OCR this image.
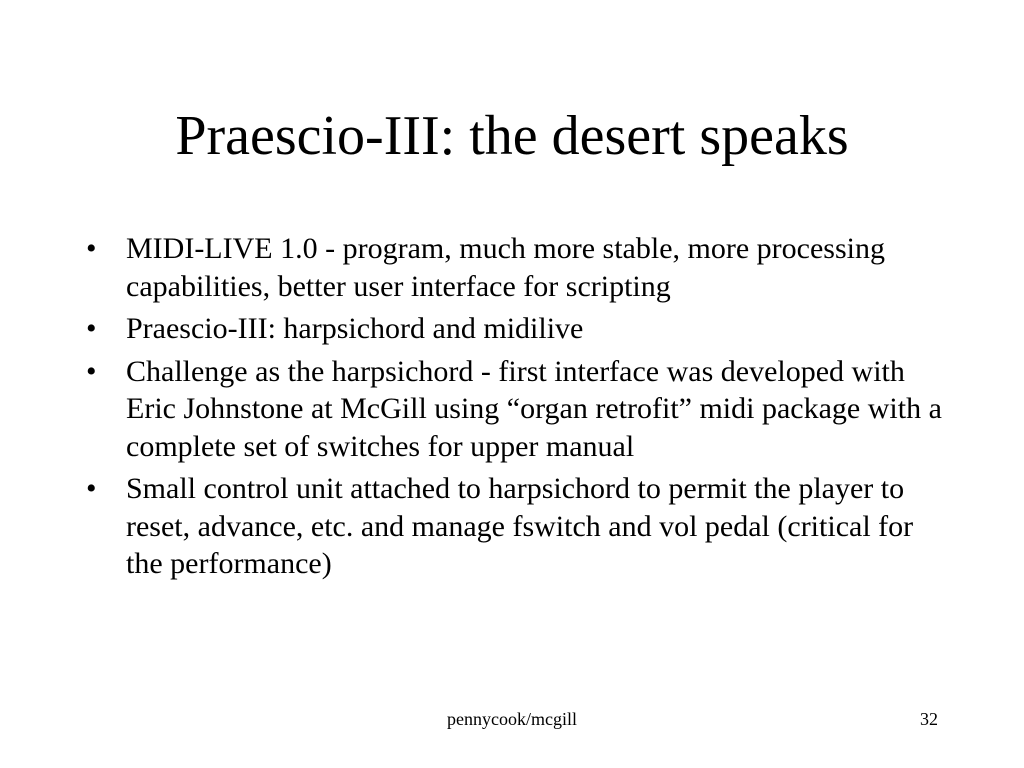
Praescio-III: the desert speaks
• MIDI-LIVE 1.0 - program, much more stable, more processing capabilities, better user interface for scripting
• Praescio-III: harpsichord and midilive
• Challenge as the harpsichord - first interface was developed with Eric Johnstone at McGill using “organ retrofit” midi package with a complete set of switches for upper manual
• Small control unit attached to harpsichord to permit the player to reset, advance, etc. and manage fswitch and vol pedal (critical for the performance)
pennycook/mcgill	32
